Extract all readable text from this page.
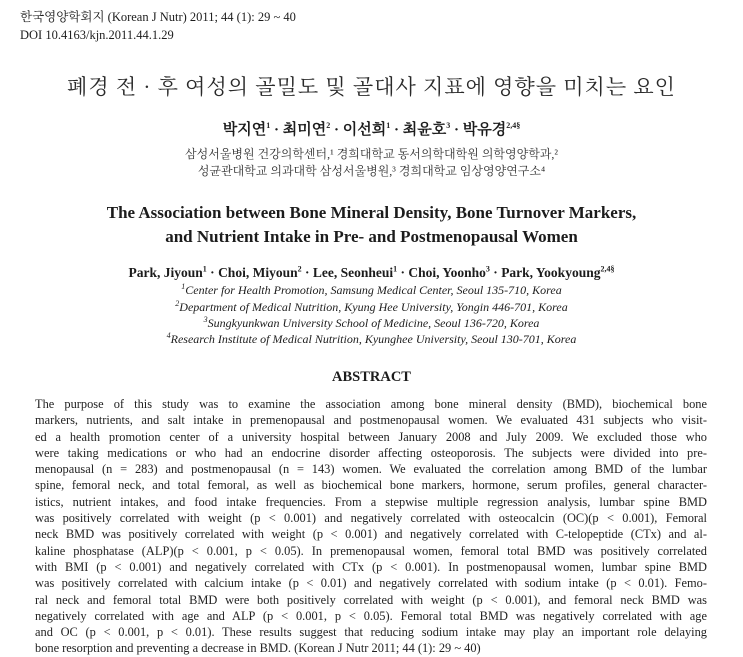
한국영양학회지 (Korean J Nutr) 2011; 44 (1): 29 ~ 40
DOI 10.4163/kjn.2011.44.1.29
폐경 전 · 후 여성의 골밀도 및 골대사 지표에 영향을 미치는 요인
박지연$^1$ · 최미연$^2$ · 이선희$^1$ · 최윤호$^3$ · 박유경$^{2,4\S}$
삼성서울병원 건강의학센터,¹ 경희대학교 동서의학대학원 의학영양학과,²
성균관대학교 의과대학 삼성서울병원,³ 경희대학교 임상영양연구소⁴
The Association between Bone Mineral Density, Bone Turnover Markers,
and Nutrient Intake in Pre- and Postmenopausal Women
Park, Jiyoun$^1$ · Choi, Miyoun$^2$ · Lee, Seonheui$^1$ · Choi, Yoonho$^3$ · Park, Yookyoung$^{2,4\S}$
$^1$Center for Health Promotion, Samsung Medical Center, Seoul 135-710, Korea
$^2$Department of Medical Nutrition, Kyung Hee University, Yongin 446-701, Korea
$^3$Sungkyunkwan University School of Medicine, Seoul 136-720, Korea
$^4$Research Institute of Medical Nutrition, Kyunghee University, Seoul 130-701, Korea
ABSTRACT
The purpose of this study was to examine the association among bone mineral density (BMD), biochemical bone
markers, nutrients, and salt intake in premenopausal and postmenopausal women. We evaluated 431 subjects who visit-
ed a health promotion center of a university hospital between January 2008 and July 2009. We excluded those who
were taking medications or who had an endocrine disorder affecting osteoporosis. The subjects were divided into pre-
menopausal (n = 283) and postmenopausal (n = 143) women. We evaluated the correlation among BMD of the lumbar
spine, femoral neck, and total femoral, as well as biochemical bone markers, hormone, serum profiles, general character-
istics, nutrient intakes, and food intake frequencies. From a stepwise multiple regression analysis, lumbar spine BMD
was positively correlated with weight (p < 0.001) and negatively correlated with osteocalcin (OC)(p < 0.001), Femoral
neck BMD was positively correlated with weight (p < 0.001) and negatively correlated with C-telopeptide (CTx) and al-
kaline phosphatase (ALP)(p < 0.001, p < 0.05). In premenopausal women, femoral total BMD was positively correlated
with BMI (p < 0.001) and negatively correlated with CTx (p < 0.001). In postmenopausal women, lumbar spine BMD
was positively correlated with calcium intake (p < 0.01) and negatively correlated with sodium intake (p < 0.01). Femo-
ral neck and femoral total BMD were both positively correlated with weight (p < 0.001), and femoral neck BMD was
negatively correlated with age and ALP (p < 0.001, p < 0.05). Femoral total BMD was negatively correlated with age
and OC (p < 0.001, p < 0.01). These results suggest that reducing sodium intake may play an important role delaying
bone resorption and preventing a decrease in BMD. (Korean J Nutr 2011; 44 (1): 29 ~ 40)
